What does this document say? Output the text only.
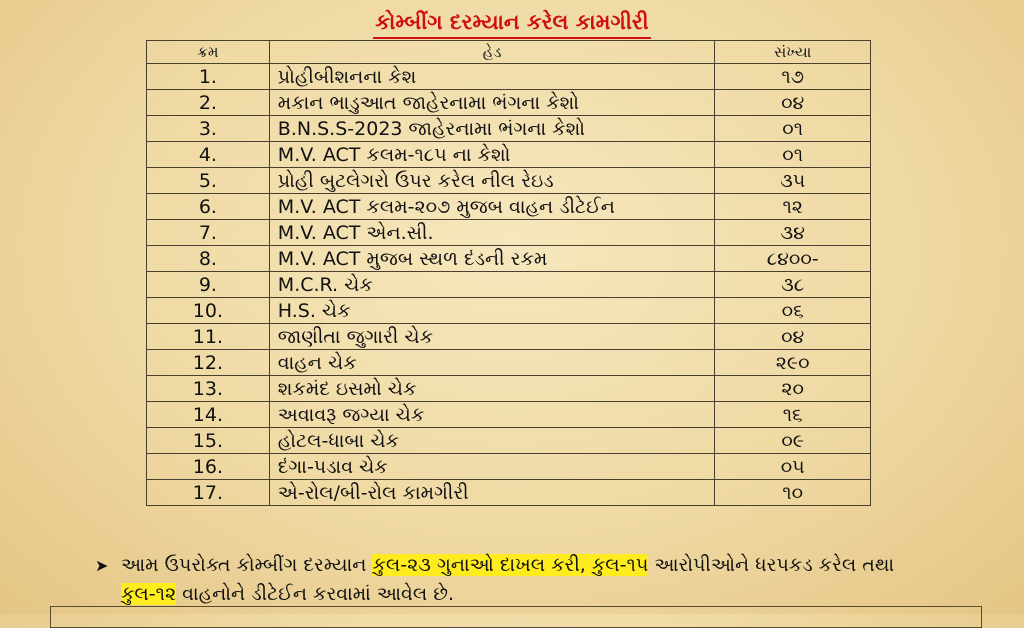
કોમ્બીંગ દરમ્યાન કરેલ કામગીરી
ક્રમ	હેડ	સંખ્યા
1.	પ્રોહીબીશનના કેશ	૧૭
2.	મકાન ભાડુઆત જાહેરનામા ભંગના કેશો	૦૪
3.	B.N.S.S-2023 જાહેરનામા ભંગના કેશો	૦૧
4.	M.V. ACT કલમ-૧૮૫ ના કેશો	૦૧
5.	પ્રોહી બુટલેગરો ઉપર કરેલ નીલ રેઇડ	૩૫
6.	M.V. ACT કલમ-૨૦૭ મુજબ વાહન ડીટેઈન	૧૨
7.	M.V. ACT એન.સી.	૩૪
8.	M.V. ACT મુજબ સ્થળ દંડની રકમ	૮૪૦૦-
9.	M.C.R. ચેક	૩૮
10.	H.S. ચેક	૦૬
11.	જાણીતા જુગારી ચેક	૦૪
12.	વાહન ચેક	૨૯૦
13.	શકમંદ ઇસમો ચેક	૨૦
14.	અવાવરૂ જગ્યા ચેક	૧૬
15.	હોટલ-ધાબા ચેક	૦૯
16.	દંગા-પડાવ ચેક	૦૫
17.	એ-રોલ/બી-રોલ કામગીરી	૧૦
➤ આમ ઉપરોક્ત કોમ્બીંગ દરમ્યાન કુલ-૨૩ ગુનાઓ દાખલ કરી, કુલ-૧૫ આરોપીઓને ધરપકડ કરેલ તથા
કુલ-૧૨ વાહનોને ડીટેઈન કરવામાં આવેલ છે.
